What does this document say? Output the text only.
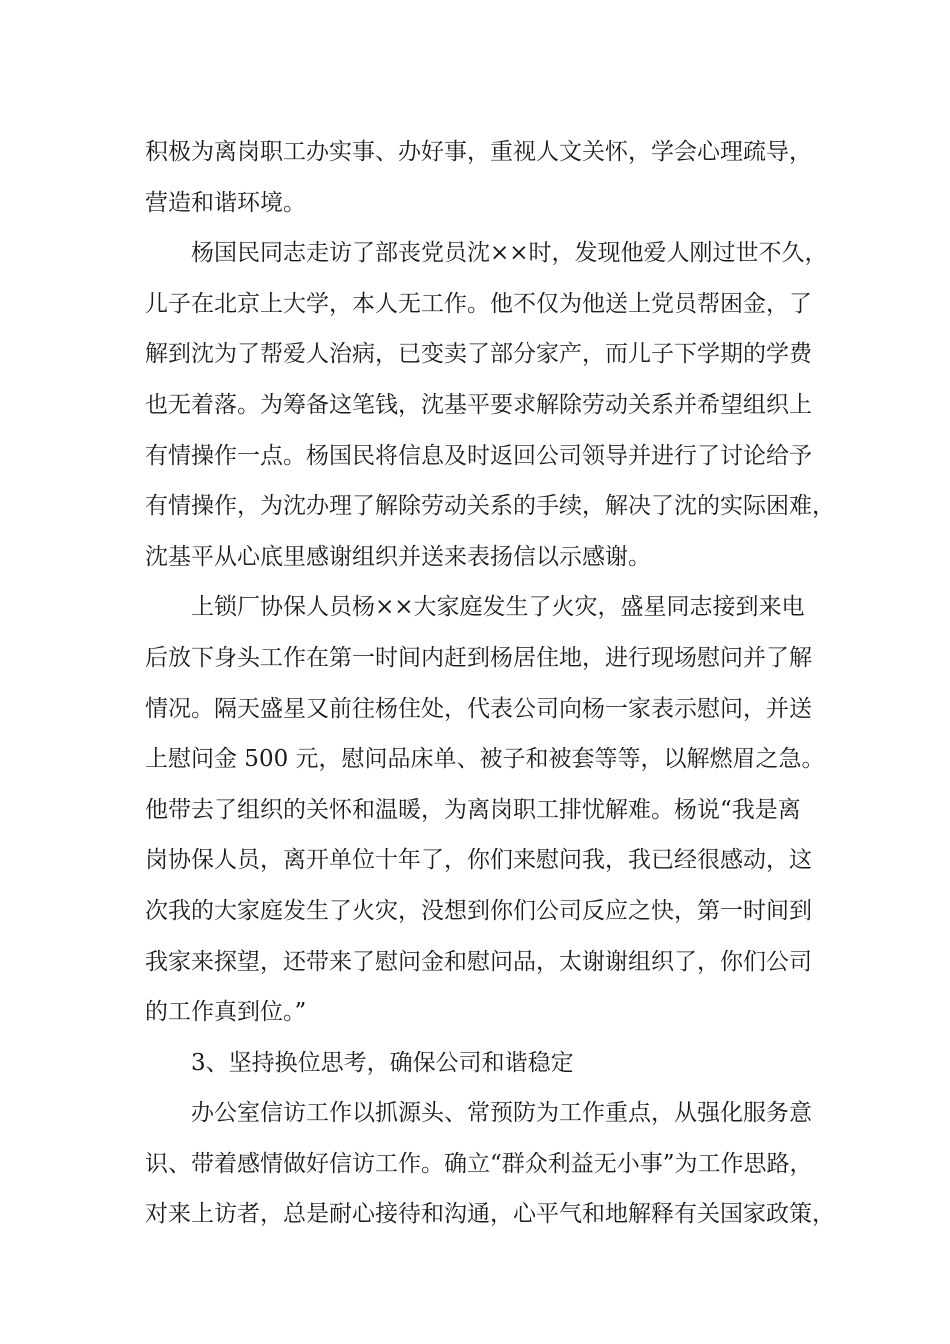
积极为离岗职工办实事、办好事，重视人文关怀，学会心理疏导，
营造和谐环境。
杨国民同志走访了部丧党员沈××时，发现他爱人刚过世不久，
儿子在北京上大学，本人无工作。他不仅为他送上党员帮困金，了
解到沈为了帮爱人治病，已变卖了部分家产，而儿子下学期的学费
也无着落。为筹备这笔钱，沈基平要求解除劳动关系并希望组织上
有情操作一点。杨国民将信息及时返回公司领导并进行了讨论给予
有情操作，为沈办理了解除劳动关系的手续，解决了沈的实际困难，
沈基平从心底里感谢组织并送来表扬信以示感谢。
上锁厂协保人员杨××大家庭发生了火灾，盛星同志接到来电
后放下身头工作在第一时间内赶到杨居住地，进行现场慰问并了解
情况。隔天盛星又前往杨住处，代表公司向杨一家表示慰问，并送
上慰问金 500 元，慰问品床单、被子和被套等等，以解燃眉之急。
他带去了组织的关怀和温暖，为离岗职工排忧解难。杨说“我是离
岗协保人员，离开单位十年了，你们来慰问我，我已经很感动，这
次我的大家庭发生了火灾，没想到你们公司反应之快，第一时间到
我家来探望，还带来了慰问金和慰问品，太谢谢组织了，你们公司
的工作真到位。”
3、坚持换位思考，确保公司和谐稳定
办公室信访工作以抓源头、常预防为工作重点，从强化服务意
识、带着感情做好信访工作。确立“群众利益无小事”为工作思路，
对来上访者，总是耐心接待和沟通，心平气和地解释有关国家政策，
